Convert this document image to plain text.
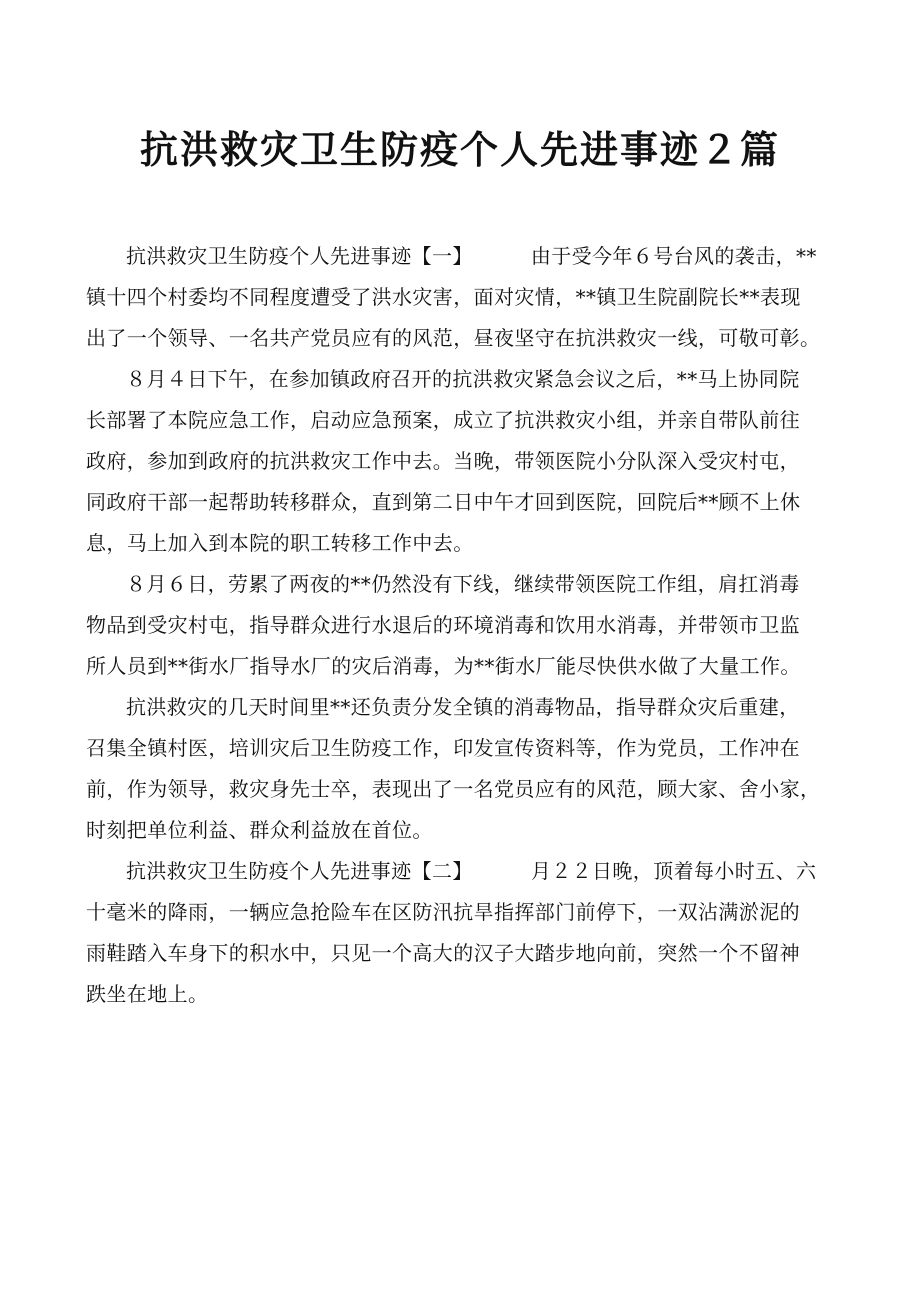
抗洪救灾卫生防疫个人先进事迹２篇

抗洪救灾卫生防疫个人先进事迹【一】	由于受今年６号台风的袭击，**
镇十四个村委均不同程度遭受了洪水灾害，面对灾情，**镇卫生院副院长**表现
出了一个领导、一名共产党员应有的风范，昼夜坚守在抗洪救灾一线，可敬可彰。

８月４日下午，在参加镇政府召开的抗洪救灾紧急会议之后，**马上协同院
长部署了本院应急工作，启动应急预案，成立了抗洪救灾小组，并亲自带队前往
政府，参加到政府的抗洪救灾工作中去。当晚，带领医院小分队深入受灾村屯，
同政府干部一起帮助转移群众，直到第二日中午才回到医院，回院后**顾不上休
息，马上加入到本院的职工转移工作中去。

８月６日，劳累了两夜的**仍然没有下线，继续带领医院工作组，肩扛消毒
物品到受灾村屯，指导群众进行水退后的环境消毒和饮用水消毒，并带领市卫监
所人员到**街水厂指导水厂的灾后消毒，为**街水厂能尽快供水做了大量工作。

抗洪救灾的几天时间里**还负责分发全镇的消毒物品，指导群众灾后重建，
召集全镇村医，培训灾后卫生防疫工作，印发宣传资料等，作为党员，工作冲在
前，作为领导，救灾身先士卒，表现出了一名党员应有的风范，顾大家、舍小家，
时刻把单位利益、群众利益放在首位。

抗洪救灾卫生防疫个人先进事迹【二】	月２２日晚，顶着每小时五、六
十毫米的降雨，一辆应急抢险车在区防汛抗旱指挥部门前停下，一双沾满淤泥的
雨鞋踏入车身下的积水中，只见一个高大的汉子大踏步地向前，突然一个不留神
跌坐在地上。
